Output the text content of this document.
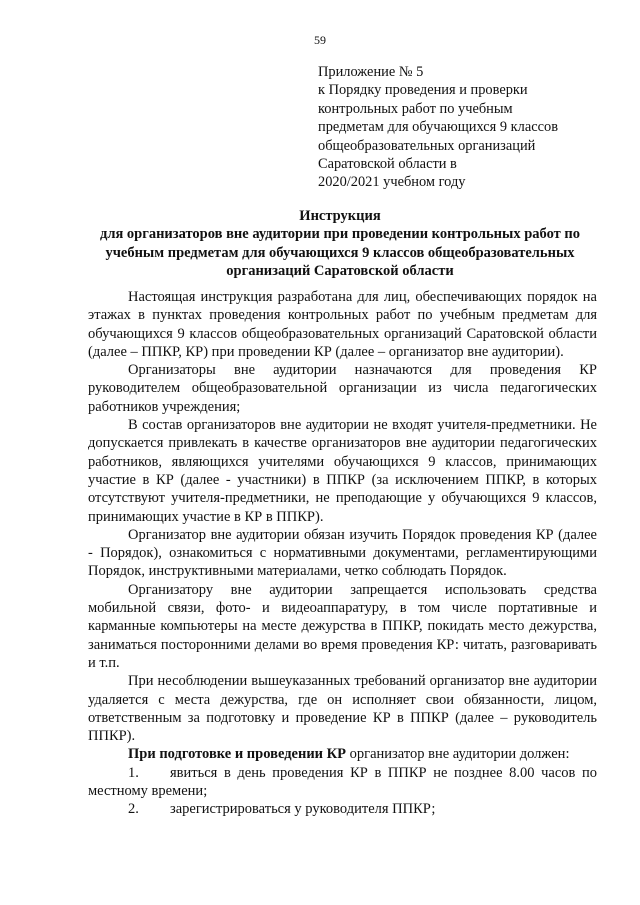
59
Приложение № 5
к Порядку проведения и проверки
контрольных работ по учебным
предметам для обучающихся 9 классов
общеобразовательных организаций
Саратовской области в
2020/2021 учебном году
Инструкция
для организаторов вне аудитории при проведении контрольных работ по
учебным предметам для обучающихся 9 классов общеобразовательных
организаций Саратовской области

Настоящая инструкция разработана для лиц, обеспечивающих порядок на этажах в пунктах проведения контрольных работ по учебным предметам для обучающихся 9 классов общеобразовательных организаций Саратовской области (далее – ППКР, КР) при проведении КР (далее – организатор вне аудитории).

Организаторы вне аудитории назначаются для проведения КР руководителем общеобразовательной организации из числа педагогических работников учреждения;

В состав организаторов вне аудитории не входят учителя-предметники. Не допускается привлекать в качестве организаторов вне аудитории педагогических работников, являющихся учителями обучающихся 9 классов, принимающих участие в КР (далее - участники) в ППКР (за исключением ППКР, в которых отсутствуют учителя-предметники, не преподающие у обучающихся 9 классов, принимающих участие в КР в ППКР).

Организатор вне аудитории обязан изучить Порядок проведения КР (далее - Порядок), ознакомиться с нормативными документами, регламентирующими Порядок, инструктивными материалами, четко соблюдать Порядок.

Организатору вне аудитории запрещается использовать средства мобильной связи, фото- и видеоаппаратуру, в том числе портативные и карманные компьютеры на месте дежурства в ППКР, покидать место дежурства, заниматься посторонними делами во время проведения КР: читать, разговаривать и т.п.

При несоблюдении вышеуказанных требований организатор вне аудитории удаляется с места дежурства, где он исполняет свои обязанности, лицом, ответственным за подготовку и проведение КР в ППКР (далее – руководитель ППКР).

При подготовке и проведении КР организатор вне аудитории должен:

1. явиться в день проведения КР в ППКР не позднее 8.00 часов по местному времени;

2. зарегистрироваться у руководителя ППКР;
